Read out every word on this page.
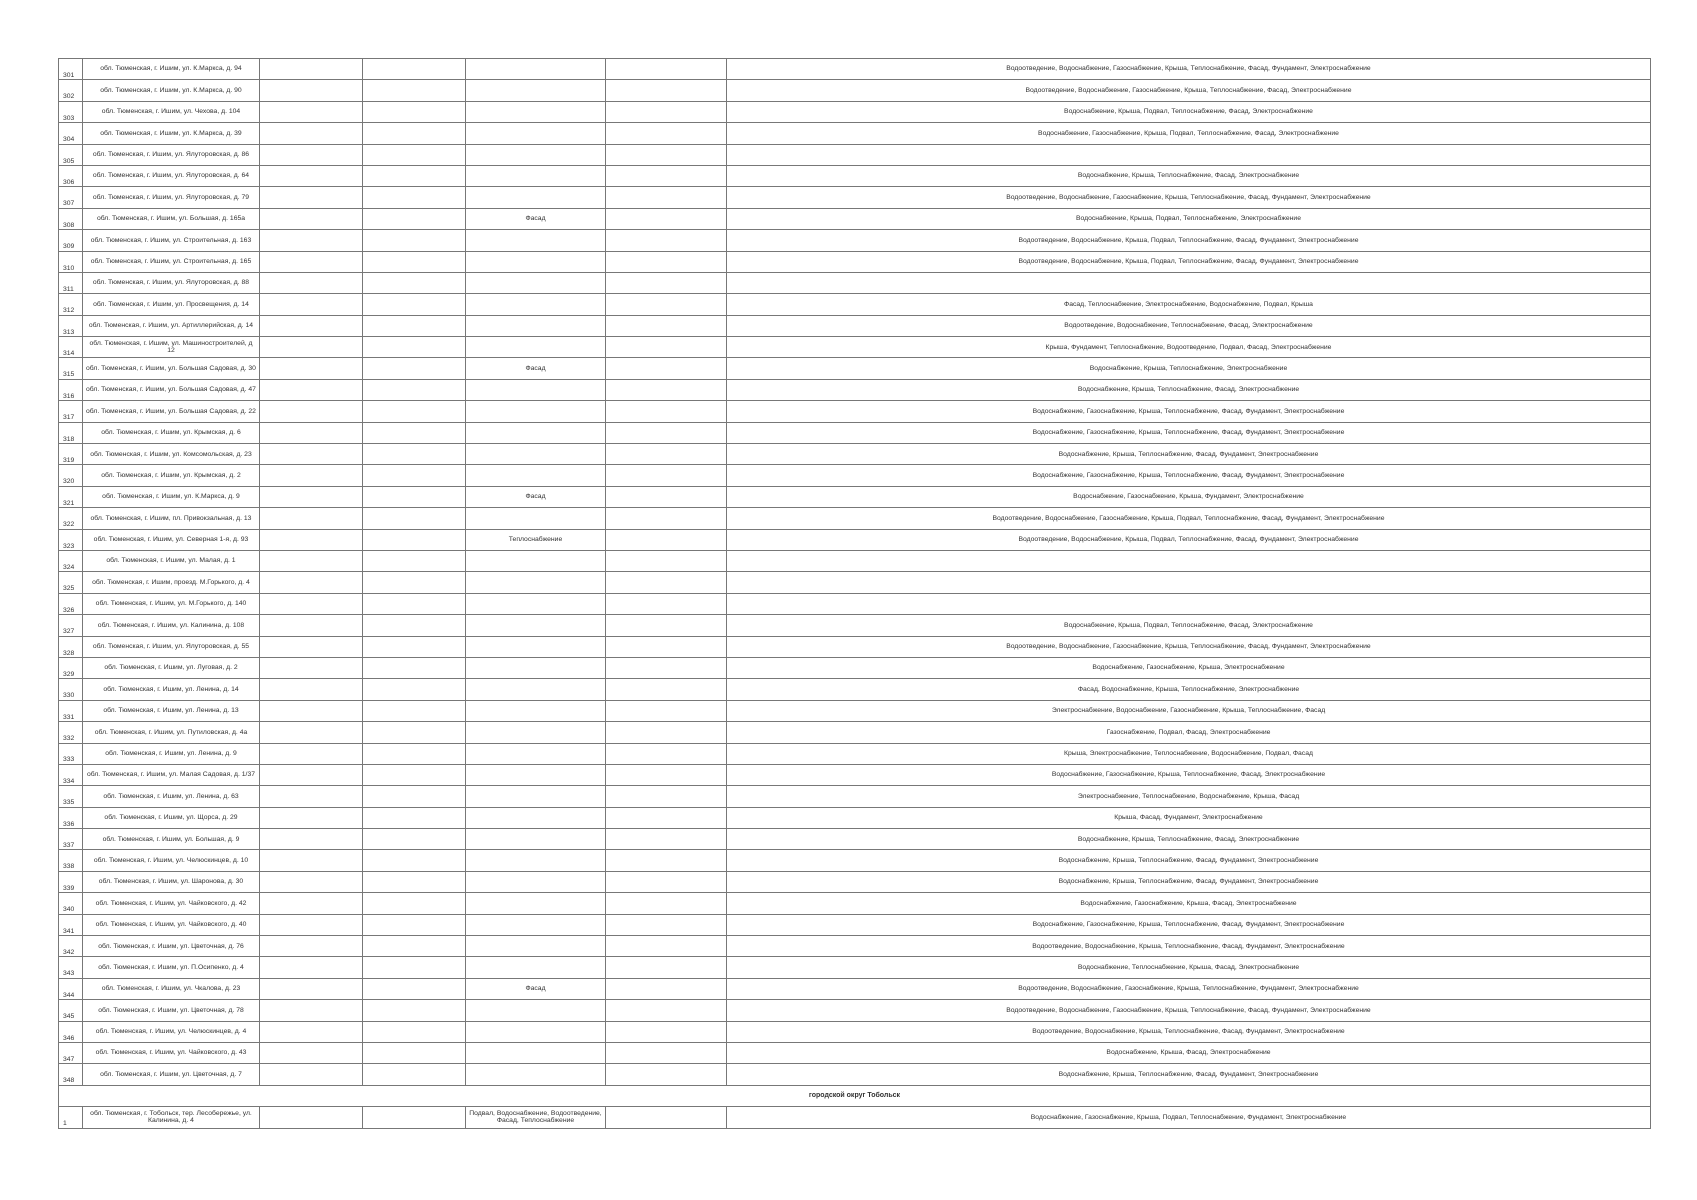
301	обл. Тюменская, г. Ишим, ул. К.Маркса, д. 94					Водоотведение, Водоснабжение, Газоснабжение, Крыша, Теплоснабжение, Фасад, Фундамент, Электроснабжение
302	обл. Тюменская, г. Ишим, ул. К.Маркса, д. 90					Водоотведение, Водоснабжение, Газоснабжение, Крыша, Теплоснабжение, Фасад, Электроснабжение
303	обл. Тюменская, г. Ишим, ул. Чехова, д. 104					Водоснабжение, Крыша, Подвал, Теплоснабжение, Фасад, Электроснабжение
304	обл. Тюменская, г. Ишим, ул. К.Маркса, д. 39					Водоснабжение, Газоснабжение, Крыша, Подвал, Теплоснабжение, Фасад, Электроснабжение
305	обл. Тюменская, г. Ишим, ул. Ялуторовская, д. 86					
306	обл. Тюменская, г. Ишим, ул. Ялуторовская, д. 64					Водоснабжение, Крыша, Теплоснабжение, Фасад, Электроснабжение
307	обл. Тюменская, г. Ишим, ул. Ялуторовская, д. 79					Водоотведение, Водоснабжение, Газоснабжение, Крыша, Теплоснабжение, Фасад, Фундамент, Электроснабжение
308	обл. Тюменская, г. Ишим, ул. Большая, д. 165а			Фасад		Водоснабжение, Крыша, Подвал, Теплоснабжение, Электроснабжение
309	обл. Тюменская, г. Ишим, ул. Строительная, д. 163					Водоотведение, Водоснабжение, Крыша, Подвал, Теплоснабжение, Фасад, Фундамент, Электроснабжение
310	обл. Тюменская, г. Ишим, ул. Строительная, д. 165					Водоотведение, Водоснабжение, Крыша, Подвал, Теплоснабжение, Фасад, Фундамент, Электроснабжение
311	обл. Тюменская, г. Ишим, ул. Ялуторовская, д. 88					
312	обл. Тюменская, г. Ишим, ул. Просвещения, д. 14					Фасад, Теплоснабжение, Электроснабжение, Водоснабжение, Подвал, Крыша
313	обл. Тюменская, г. Ишим, ул. Артиллерийская, д. 14					Водоотведение, Водоснабжение, Теплоснабжение, Фасад, Электроснабжение
314	обл. Тюменская, г. Ишим, ул. Машиностроителей, д 12					Крыша, Фундамент, Теплоснабжение, Водоотведение, Подвал, Фасад, Электроснабжение
315	обл. Тюменская, г. Ишим, ул. Большая Садовая, д. 30			Фасад		Водоснабжение, Крыша, Теплоснабжение, Электроснабжение
316	обл. Тюменская, г. Ишим, ул. Большая Садовая, д. 47					Водоснабжение, Крыша, Теплоснабжение, Фасад, Электроснабжение
317	обл. Тюменская, г. Ишим, ул. Большая Садовая, д. 22					Водоснабжение, Газоснабжение, Крыша, Теплоснабжение, Фасад, Фундамент, Электроснабжение
318	обл. Тюменская, г. Ишим, ул. Крымская, д. 6					Водоснабжение, Газоснабжение, Крыша, Теплоснабжение, Фасад, Фундамент, Электроснабжение
319	обл. Тюменская, г. Ишим, ул. Комсомольская, д. 23					Водоснабжение, Крыша, Теплоснабжение, Фасад, Фундамент, Электроснабжение
320	обл. Тюменская, г. Ишим, ул. Крымская, д. 2					Водоснабжение, Газоснабжение, Крыша, Теплоснабжение, Фасад, Фундамент, Электроснабжение
321	обл. Тюменская, г. Ишим, ул. К.Маркса, д. 9			Фасад		Водоснабжение, Газоснабжение, Крыша, Фундамент, Электроснабжение
322	обл. Тюменская, г. Ишим, пл. Привокзальная, д. 13					Водоотведение, Водоснабжение, Газоснабжение, Крыша, Подвал, Теплоснабжение, Фасад, Фундамент, Электроснабжение
323	обл. Тюменская, г. Ишим, ул. Северная 1-я, д. 93			Теплоснабжение		Водоотведение, Водоснабжение, Крыша, Подвал, Теплоснабжение, Фасад, Фундамент, Электроснабжение
324	обл. Тюменская, г. Ишим, ул. Малая, д. 1					
325	обл. Тюменская, г. Ишим, проезд. М.Горького, д. 4					
326	обл. Тюменская, г. Ишим, ул. М.Горького, д. 140					
327	обл. Тюменская, г. Ишим, ул. Калинина, д. 108					Водоснабжение, Крыша, Подвал, Теплоснабжение, Фасад, Электроснабжение
328	обл. Тюменская, г. Ишим, ул. Ялуторовская, д. 55					Водоотведение, Водоснабжение, Газоснабжение, Крыша, Теплоснабжение, Фасад, Фундамент, Электроснабжение
329	обл. Тюменская, г. Ишим, ул. Луговая, д. 2					Водоснабжение, Газоснабжение, Крыша, Электроснабжение
330	обл. Тюменская, г. Ишим, ул. Ленина, д. 14					Фасад, Водоснабжение, Крыша, Теплоснабжение, Электроснабжение
331	обл. Тюменская, г. Ишим, ул. Ленина, д. 13					Электроснабжение, Водоснабжение, Газоснабжение, Крыша, Теплоснабжение, Фасад
332	обл. Тюменская, г. Ишим, ул. Путиловская, д. 4а					Газоснабжение, Подвал, Фасад, Электроснабжение
333	обл. Тюменская, г. Ишим, ул. Ленина, д. 9					Крыша, Электроснабжение, Теплоснабжение, Водоснабжение, Подвал, Фасад
334	обл. Тюменская, г. Ишим, ул. Малая Садовая, д. 1/37					Водоснабжение, Газоснабжение, Крыша, Теплоснабжение, Фасад, Электроснабжение
335	обл. Тюменская, г. Ишим, ул. Ленина, д. 63					Электроснабжение, Теплоснабжение, Водоснабжение, Крыша, Фасад
336	обл. Тюменская, г. Ишим, ул. Щорса, д. 29					Крыша, Фасад, Фундамент, Электроснабжение
337	обл. Тюменская, г. Ишим, ул. Большая, д. 9					Водоснабжение, Крыша, Теплоснабжение, Фасад, Электроснабжение
338	обл. Тюменская, г. Ишим, ул. Челюскинцев, д. 10					Водоснабжение, Крыша, Теплоснабжение, Фасад, Фундамент, Электроснабжение
339	обл. Тюменская, г. Ишим, ул. Шаронова, д. 30					Водоснабжение, Крыша, Теплоснабжение, Фасад, Фундамент, Электроснабжение
340	обл. Тюменская, г. Ишим, ул. Чайковского, д. 42					Водоснабжение, Газоснабжение, Крыша, Фасад, Электроснабжение
341	обл. Тюменская, г. Ишим, ул. Чайковского, д. 40					Водоснабжение, Газоснабжение, Крыша, Теплоснабжение, Фасад, Фундамент, Электроснабжение
342	обл. Тюменская, г. Ишим, ул. Цветочная, д. 76					Водоотведение, Водоснабжение, Крыша, Теплоснабжение, Фасад, Фундамент, Электроснабжение
343	обл. Тюменская, г. Ишим, ул. П.Осипенко, д. 4					Водоснабжение, Теплоснабжение, Крыша, Фасад, Электроснабжение
344	обл. Тюменская, г. Ишим, ул. Чкалова, д. 23			Фасад		Водоотведение, Водоснабжение, Газоснабжение, Крыша, Теплоснабжение, Фундамент, Электроснабжение
345	обл. Тюменская, г. Ишим, ул. Цветочная, д. 78					Водоотведение, Водоснабжение, Газоснабжение, Крыша, Теплоснабжение, Фасад, Фундамент, Электроснабжение
346	обл. Тюменская, г. Ишим, ул. Челюскинцев, д. 4					Водоотведение, Водоснабжение, Крыша, Теплоснабжение, Фасад, Фундамент, Электроснабжение
347	обл. Тюменская, г. Ишим, ул. Чайковского, д. 43					Водоснабжение, Крыша, Фасад, Электроснабжение
348	обл. Тюменская, г. Ишим, ул. Цветочная, д. 7					Водоснабжение, Крыша, Теплоснабжение, Фасад, Фундамент, Электроснабжение
городской округ Тобольск						
1	обл. Тюменская, г. Тобольск, тер. Лесобережье, ул. Калинина, д. 4			Подвал, Водоснабжение, Водоотведение, Фасад, Теплоснабжение		Водоснабжение, Газоснабжение, Крыша, Подвал, Теплоснабжение, Фундамент, Электроснабжение
